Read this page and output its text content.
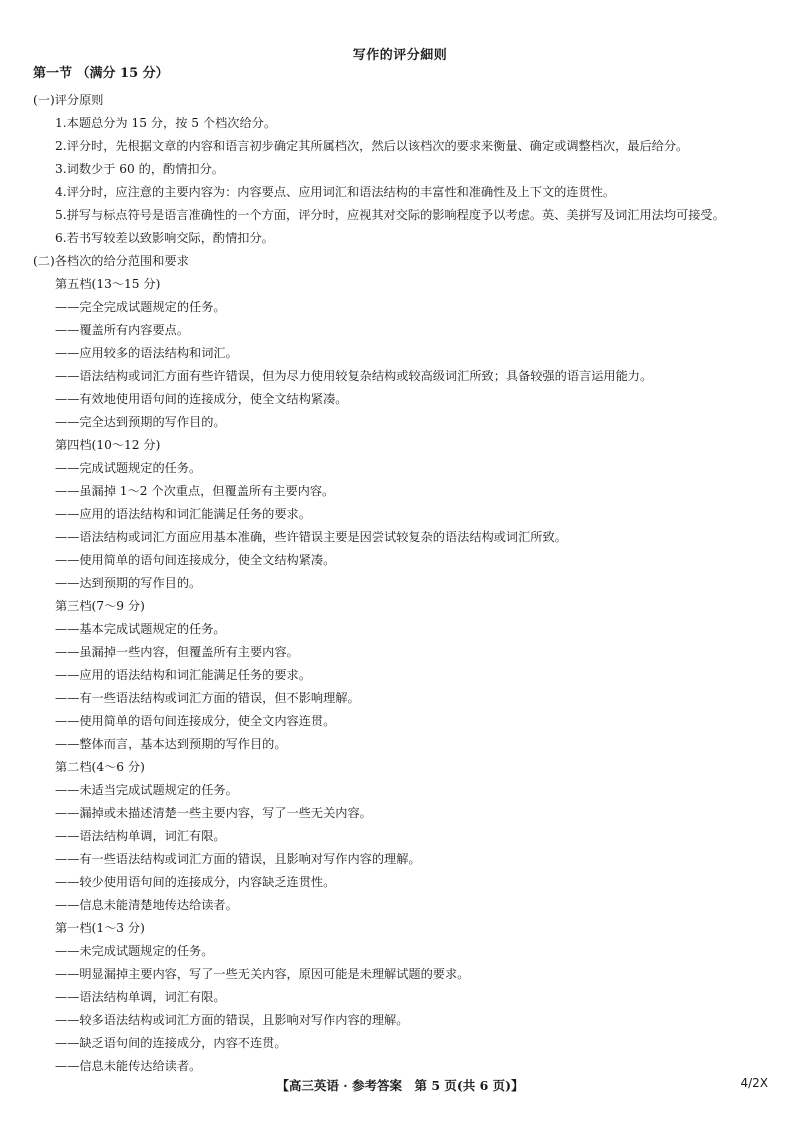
写作的评分細则
第一节 （满分 15 分）
(一)评分原则
1.本题总分为 15 分，按 5 个档次给分。
2.评分时，先根据文章的内容和语言初步确定其所属档次，然后以该档次的要求来衡量、确定或调整档次，最后给分。
3.词数少于 60 的，酌情扣分。
4.评分时，应注意的主要内容为：内容要点、应用词汇和语法结构的丰富性和准确性及上下文的连贯性。
5.拼写与标点符号是语言准确性的一个方面，评分时，应视其对交际的影响程度予以考虑。英、美拼写及词汇用法均可接受。
6.若书写较差以致影响交际，酌情扣分。
(二)各档次的给分范围和要求
第五档(13～15 分)
——完全完成试题规定的任务。
——覆盖所有内容要点。
——应用较多的语法结构和词汇。
——语法结构或词汇方面有些许错误，但为尽力使用较复杂结构或较高级词汇所致；具备较强的语言运用能力。
——有效地使用语句间的连接成分，使全文结构紧凑。
——完全达到预期的写作目的。
第四档(10～12 分)
——完成试题规定的任务。
——虽漏掉 1～2 个次重点，但覆盖所有主要内容。
——应用的语法结构和词汇能满足任务的要求。
——语法结构或词汇方面应用基本准确，些许错误主要是因尝试较复杂的语法结构或词汇所致。
——使用简单的语句间连接成分，使全文结构紧凑。
——达到预期的写作目的。
第三档(7～9 分)
——基本完成试题规定的任务。
——虽漏掉一些内容，但覆盖所有主要内容。
——应用的语法结构和词汇能满足任务的要求。
——有一些语法结构或词汇方面的错误，但不影响理解。
——使用简单的语句间连接成分，使全文内容连贯。
——整体而言，基本达到预期的写作目的。
第二档(4～6 分)
——未适当完成试题规定的任务。
——漏掉或未描述清楚一些主要内容，写了一些无关内容。
——语法结构单调，词汇有限。
——有一些语法结构或词汇方面的错误，且影响对写作内容的理解。
——较少使用语句间的连接成分，内容缺乏连贯性。
——信息未能清楚地传达给读者。
第一档(1～3 分)
——未完成试题规定的任务。
——明显漏掉主要内容，写了一些无关内容，原因可能是未理解试题的要求。
——语法结构单调，词汇有限。
——较多语法结构或词汇方面的错误，且影响对写作内容的理解。
——缺乏语句间的连接成分，内容不连贯。
——信息未能传达给读者。
【高三英语 · 参考答案　第 5 页(共 6 页)】	4/2X
